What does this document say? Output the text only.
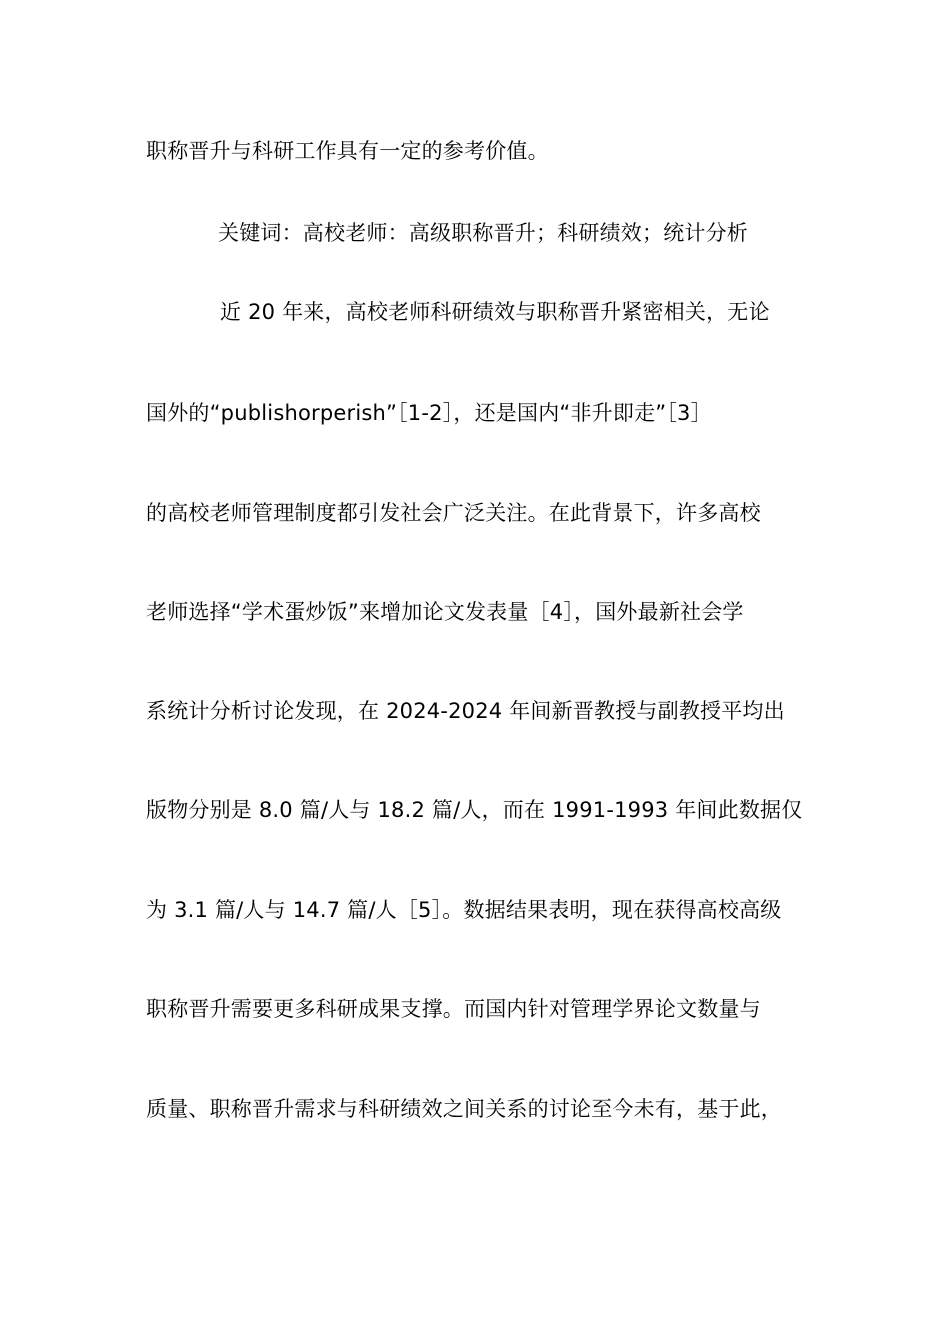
职称晋升与科研工作具有一定的参考价值。
关键词：高校老师：高级职称晋升；科研绩效；统计分析
近 20 年来，高校老师科研绩效与职称晋升紧密相关，无论
国外的“publishorperish”［1-2］，还是国内“非升即走”［3］
的高校老师管理制度都引发社会广泛关注。在此背景下，许多高校
老师选择“学术蛋炒饭”来增加论文发表量［4］，国外最新社会学
系统计分析讨论发现，在 2024-2024 年间新晋教授与副教授平均出
版物分别是 8.0 篇/人与 18.2 篇/人，而在 1991-1993 年间此数据仅
为 3.1 篇/人与 14.7 篇/人［5］。数据结果表明，现在获得高校高级
职称晋升需要更多科研成果支撑。而国内针对管理学界论文数量与
质量、职称晋升需求与科研绩效之间关系的讨论至今未有，基于此，
